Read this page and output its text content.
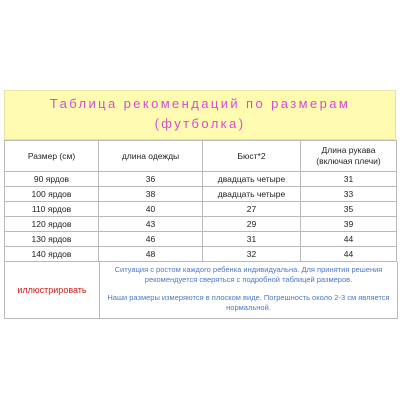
Таблица рекомендаций по размерам
(футболка)
Размер (см)	длина одежды	Бюст*2	Длина рукава (включая плечи)
90 ярдов	36	двадцать четыре	31
100 ярдов	38	двадцать четыре	33
110 ярдов	40	27	35
120 ярдов	43	29	39
130 ярдов	46	31	44
140 ярдов	48	32	44
иллюстрировать

Ситуация с ростом каждого ребенка индивидуальна. Для принятия решения рекомендуется сверяться с подробной таблицей размеров.

Наши размеры измеряются в плоском виде. Погрешность около 2-3 см является нормальной.
